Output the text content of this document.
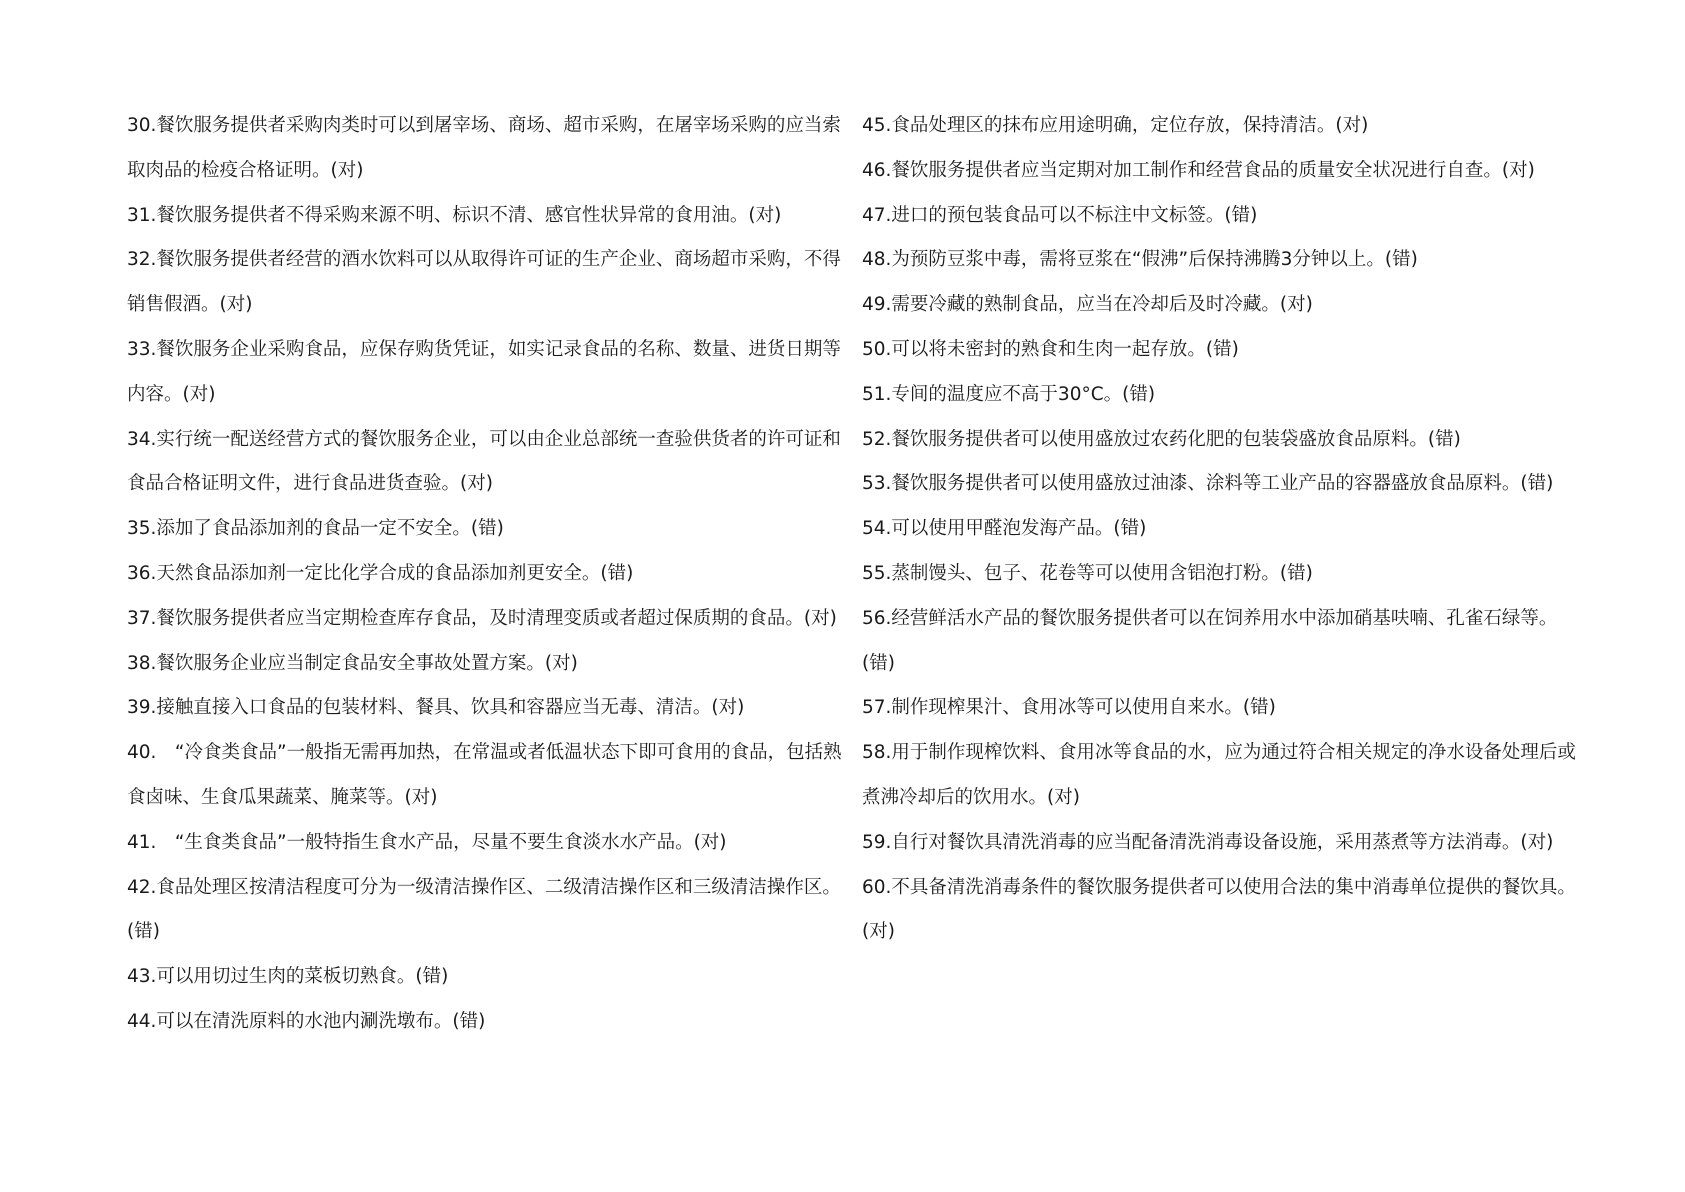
30.餐饮服务提供者采购肉类时可以到屠宰场、商场、超市采购，在屠宰场采购的应当索取肉品的检疫合格证明。(对)
31.餐饮服务提供者不得采购来源不明、标识不清、感官性状异常的食用油。(对)
32.餐饮服务提供者经营的酒水饮料可以从取得许可证的生产企业、商场超市采购，不得销售假酒。(对)
33.餐饮服务企业采购食品，应保存购货凭证，如实记录食品的名称、数量、进货日期等内容。(对)
34.实行统一配送经营方式的餐饮服务企业，可以由企业总部统一查验供货者的许可证和食品合格证明文件，进行食品进货查验。(对)
35.添加了食品添加剂的食品一定不安全。(错)
36.天然食品添加剂一定比化学合成的食品添加剂更安全。(错)
37.餐饮服务提供者应当定期检查库存食品，及时清理变质或者超过保质期的食品。(对)
38.餐饮服务企业应当制定食品安全事故处置方案。(对)
39.接触直接入口食品的包装材料、餐具、饮具和容器应当无毒、清洁。(对)
40.　“冷食类食品”一般指无需再加热，在常温或者低温状态下即可食用的食品，包括熟食卤味、生食瓜果蔬菜、腌菜等。(对)
41.　“生食类食品”一般特指生食水产品，尽量不要生食淡水水产品。(对)
42.食品处理区按清洁程度可分为一级清洁操作区、二级清洁操作区和三级清洁操作区。(错)
43.可以用切过生肉的菜板切熟食。(错)
44.可以在清洗原料的水池内涮洗墩布。(错)
45.食品处理区的抹布应用途明确，定位存放，保持清洁。(对)
46.餐饮服务提供者应当定期对加工制作和经营食品的质量安全状况进行自查。(对)
47.进口的预包装食品可以不标注中文标签。(错)
48.为预防豆浆中毒，需将豆浆在“假沸”后保持沸腾3分钟以上。(错)
49.需要冷藏的熟制食品，应当在冷却后及时冷藏。(对)
50.可以将未密封的熟食和生肉一起存放。(错)
51.专间的温度应不高于30°C。(错)
52.餐饮服务提供者可以使用盛放过农药化肥的包装袋盛放食品原料。(错)
53.餐饮服务提供者可以使用盛放过油漆、涂料等工业产品的容器盛放食品原料。(错)
54.可以使用甲醛泡发海产品。(错)
55.蒸制馒头、包子、花卷等可以使用含铝泡打粉。(错)
56.经营鲜活水产品的餐饮服务提供者可以在饲养用水中添加硝基呋喃、孔雀石绿等。(错)
57.制作现榨果汁、食用冰等可以使用自来水。(错)
58.用于制作现榨饮料、食用冰等食品的水，应为通过符合相关规定的净水设备处理后或煮沸冷却后的饮用水。(对)
59.自行对餐饮具清洗消毒的应当配备清洗消毒设备设施，采用蒸煮等方法消毒。(对)
60.不具备清洗消毒条件的餐饮服务提供者可以使用合法的集中消毒单位提供的餐饮具。(对)
